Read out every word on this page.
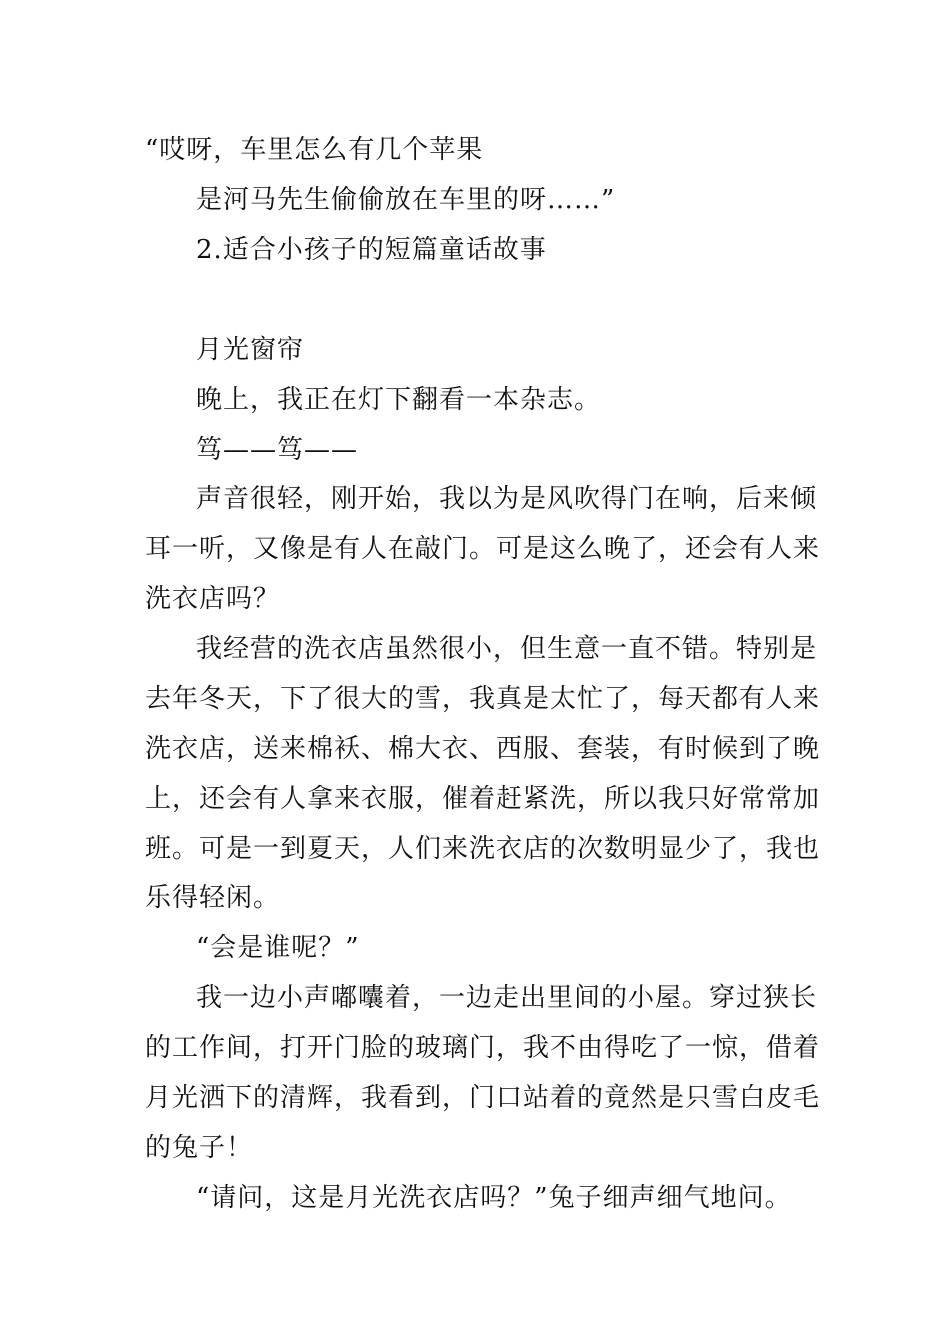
“哎呀，车里怎么有几个苹果
是河马先生偷偷放在车里的呀……”
2.适合小孩子的短篇童话故事
月光窗帘
晚上，我正在灯下翻看一本杂志。
笃——笃——
声音很轻，刚开始，我以为是风吹得门在响，后来倾
耳一听，又像是有人在敲门。可是这么晚了，还会有人来
洗衣店吗？
我经营的洗衣店虽然很小，但生意一直不错。特别是
去年冬天，下了很大的雪，我真是太忙了，每天都有人来
洗衣店，送来棉袄、棉大衣、西服、套装，有时候到了晚
上，还会有人拿来衣服，催着赶紧洗，所以我只好常常加
班。可是一到夏天，人们来洗衣店的次数明显少了，我也
乐得轻闲。
“会是谁呢？”
我一边小声嘟囔着，一边走出里间的小屋。穿过狭长
的工作间，打开门脸的玻璃门，我不由得吃了一惊，借着
月光洒下的清辉，我看到，门口站着的竟然是只雪白皮毛
的兔子！
“请问，这是月光洗衣店吗？”兔子细声细气地问。
